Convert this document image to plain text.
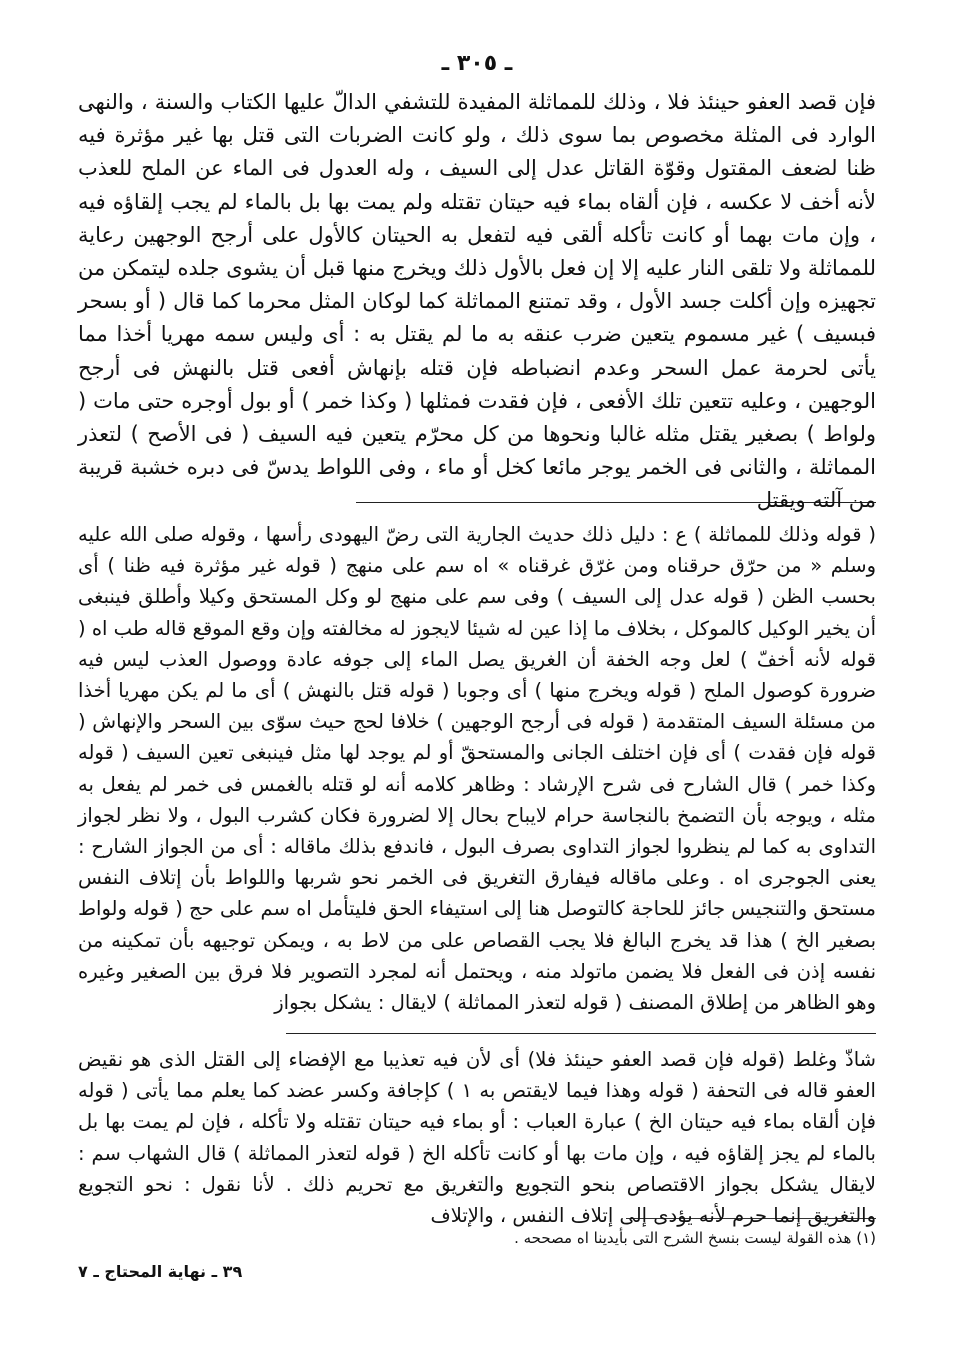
ـ ٣٠٥ ـ
فإن قصد العفو حينئذ فلا ، وذلك للمماثلة المفيدة للتشفي الدالّ عليها الكتاب والسنة ، والنهى الوارد فى المثلة مخصوص بما سوى ذلك ، ولو كانت الضربات التى قتل بها غير مؤثرة فيه ظنا لضعف المقتول وقوّة القاتل عدل إلى السيف ، وله العدول فى الماء عن الملح للعذب لأنه أخف لا عكسه ، فإن ألقاه بماء فيه حيتان تقتله ولم يمت بها بل بالماء لم يجب إلقاؤه فيه ، وإن مات بهما أو كانت تأكله ألقى فيه لتفعل به الحيتان كالأول على أرجح الوجهين رعاية للمماثلة ولا تلقى النار عليه إلا إن فعل بالأول ذلك ويخرج منها قبل أن يشوى جلده ليتمكن من تجهيزه وإن أكلت جسد الأول ، وقد تمتنع المماثلة كما لوكان المثل محرما كما قال ( أو بسحر فبسيف ) غير مسموم يتعين ضرب عنقه به ما لم يقتل به : أى وليس سمه مهريا أخذا مما يأتى لحرمة عمل السحر وعدم انضباطه فإن قتله بإنهاش أفعى قتل بالنهش فى أرجح الوجهين ، وعليه تتعين تلك الأفعى ، فإن فقدت فمثلها ( وكذا خمر ) أو بول أوجره حتى مات ( ولواط ) بصغير يقتل مثله غالبا ونحوها من كل محرّم يتعين فيه السيف ( فى الأصح ) لتعذر المماثلة ، والثانى فى الخمر يوجر مائعا كخل أو ماء ، وفى اللواط يدسّ فى دبره خشبة قريبة من آلته ويقتل
( قوله وذلك للمماثلة ) ع : دليل ذلك حديث الجارية التى رضّ اليهودى رأسها ، وقوله صلى الله عليه وسلم « من حرّق حرقناه ومن غرّق غرقناه » اه سم على منهج ( قوله غير مؤثرة فيه ظنا ) أى بحسب الظن ( قوله عدل إلى السيف ) وفى سم على منهج لو وكل المستحق وكيلا وأطلق فينبغى أن يخير الوكيل كالموكل ، بخلاف ما إذا عين له شيئا لايجوز له مخالفته وإن وقع الموقع قاله طب اه ( قوله لأنه أخفّ ) لعل وجه الخفة أن الغريق يصل الماء إلى جوفه عادة ووصول العذب ليس فيه ضرورة كوصول الملح ( قوله ويخرج منها ) أى وجوبا ( قوله قتل بالنهش ) أى ما لم يكن مهريا أخذا من مسئلة السيف المتقدمة ( قوله فى أرجح الوجهين ) خلافا لحج حيث سوّى بين السحر والإنهاش ( قوله فإن فقدت ) أى فإن اختلف الجانى والمستحقّ أو لم يوجد لها مثل فينبغى تعين السيف ( قوله وكذا خمر ) قال الشارح فى شرح الإرشاد : وظاهر كلامه أنه لو قتله بالغمس فى خمر لم يفعل به مثله ، ويوجه بأن التضمخ بالنجاسة حرام لايباح بحال إلا لضرورة فكان كشرب البول ، ولا نظر لجواز التداوى به كما لم ينظروا لجواز التداوى بصرف البول ، فاندفع بذلك ماقاله : أى من الجواز الشارح : يعنى الجوجرى اه . وعلى ماقاله فيفارق التغريق فى الخمر نحو شربها واللواط بأن إتلاف النفس مستحق والتنجيس جائز للحاجة كالتوصل هنا إلى استيفاء الحق فليتأمل اه سم على حج ( قوله ولواط بصغير الخ ) هذا قد يخرج البالغ فلا يجب القصاص على من لاط به ، ويمكن توجيهه بأن تمكينه من نفسه إذن فى الفعل فلا يضمن ماتولد منه ، ويحتمل أنه لمجرد التصوير فلا فرق بين الصغير وغيره وهو الظاهر من إطلاق المصنف ( قوله لتعذر المماثلة ) لايقال : يشكل بجواز
شاذّ وغلط (قوله فإن قصد العفو حينئذ فلا) أى لأن فيه تعذيبا مع الإفضاء إلى القتل الذى هو نقيض العفو قاله فى التحفة ( قوله وهذا فيما لايقتص به ١ ) كإجافة وكسر عضد كما يعلم مما يأتى ( قوله فإن ألقاه بماء فيه حيتان الخ ) عبارة العباب : أو بماء فيه حيتان تقتله ولا تأكله ، فإن لم يمت بها بل بالماء لم يجز إلقاؤه فيه ، وإن مات بها أو كانت تأكله الخ ( قوله لتعذر المماثلة ) قال الشهاب سم : لايقال يشكل بجواز الاقتصاص بنحو التجويع والتغريق مع تحريم ذلك . لأنا نقول : نحو التجويع والتغريق إنما حرم لأنه يؤدى إلى إتلاف النفس ، والإتلاف
(١) هذه القولة ليست بنسخ الشرح التى بأيدينا اه مصححه .
٣٩ ـ نهاية المحتاج ـ ٧
